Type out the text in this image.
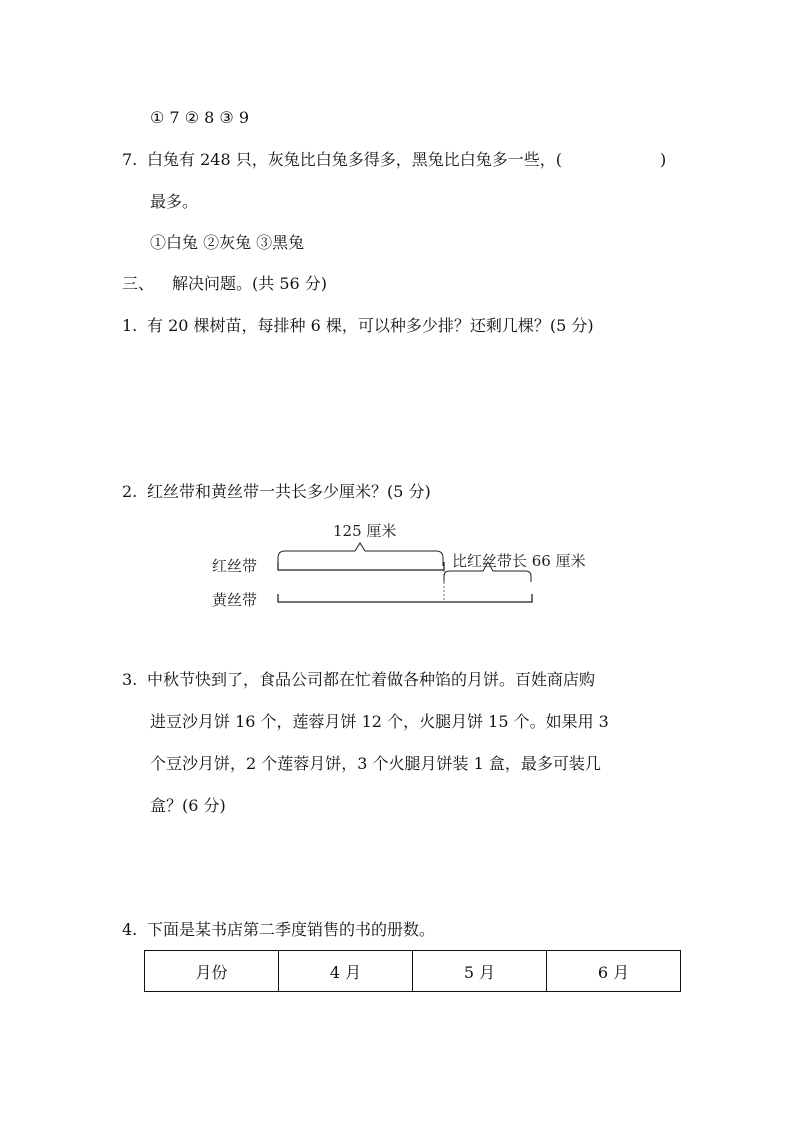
① 7 ② 8 ③ 9
7. 白兔有 248 只，灰兔比白兔多得多，黑兔比白兔多一些，(	)
最多。
①白兔 ②灰兔 ③黑兔
三、 解决问题。(共 56 分)
1. 有 20 棵树苗，每排种 6 棵，可以种多少排？还剩几棵？(5 分)
2. 红丝带和黄丝带一共长多少厘米？(5 分)
125 厘米
红丝带	比红丝带长 66 厘米
黄丝带
3. 中秋节快到了，食品公司都在忙着做各种馅的月饼。百姓商店购
进豆沙月饼 16 个，莲蓉月饼 12 个，火腿月饼 15 个。如果用 3
个豆沙月饼，2 个莲蓉月饼，3 个火腿月饼装 1 盒，最多可装几
盒？(6 分)
4. 下面是某书店第二季度销售的书的册数。
月份	4 月	5 月	6 月
